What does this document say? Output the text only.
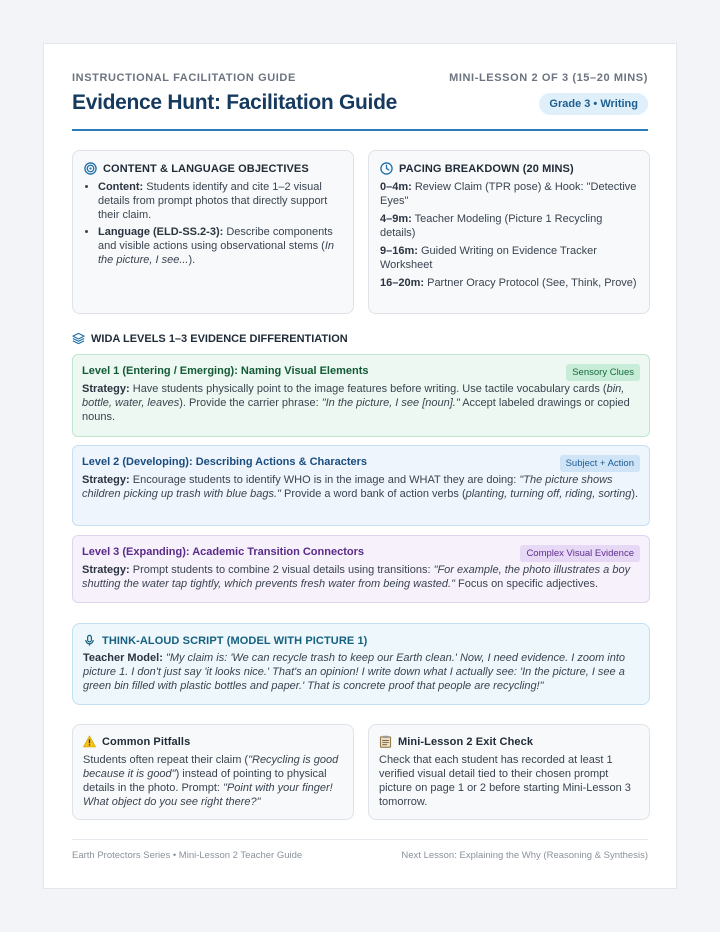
INSTRUCTIONAL FACILITATION GUIDE	MINI-LESSON 2 OF 3 (15–20 MINS)
Evidence Hunt: Facilitation Guide	Grade 3 • Writing
CONTENT & LANGUAGE OBJECTIVES
• Content: Students identify and cite 1–2 visual details from prompt photos that directly support their claim.
• Language (ELD-SS.2-3): Describe components and visible actions using observational stems (In the picture, I see...).
PACING BREAKDOWN (20 MINS)
0–4m: Review Claim (TPR pose) & Hook: "Detective Eyes"
4–9m: Teacher Modeling (Picture 1 Recycling details)
9–16m: Guided Writing on Evidence Tracker Worksheet
16–20m: Partner Oracy Protocol (See, Think, Prove)
WIDA LEVELS 1–3 EVIDENCE DIFFERENTIATION
Level 1 (Entering / Emerging): Naming Visual Elements	Sensory Clues
Strategy: Have students physically point to the image features before writing. Use tactile vocabulary cards (bin, bottle, water, leaves). Provide the carrier phrase: "In the picture, I see [noun]." Accept labeled drawings or copied nouns.
Level 2 (Developing): Describing Actions & Characters	Subject + Action
Strategy: Encourage students to identify WHO is in the image and WHAT they are doing: "The picture shows children picking up trash with blue bags." Provide a word bank of action verbs (planting, turning off, riding, sorting).
Level 3 (Expanding): Academic Transition Connectors	Complex Visual Evidence
Strategy: Prompt students to combine 2 visual details using transitions: "For example, the photo illustrates a boy shutting the water tap tightly, which prevents fresh water from being wasted." Focus on specific adjectives.
THINK-ALOUD SCRIPT (MODEL WITH PICTURE 1)
Teacher Model: "My claim is: 'We can recycle trash to keep our Earth clean.' Now, I need evidence. I zoom into picture 1. I don't just say 'it looks nice.' That's an opinion! I write down what I actually see: 'In the picture, I see a green bin filled with plastic bottles and paper.' That is concrete proof that people are recycling!"
Common Pitfalls
Students often repeat their claim ("Recycling is good because it is good") instead of pointing to physical details in the photo. Prompt: "Point with your finger! What object do you see right there?"
Mini-Lesson 2 Exit Check
Check that each student has recorded at least 1 verified visual detail tied to their chosen prompt picture on page 1 or 2 before starting Mini-Lesson 3 tomorrow.
Earth Protectors Series • Mini-Lesson 2 Teacher Guide	Next Lesson: Explaining the Why (Reasoning & Synthesis)
